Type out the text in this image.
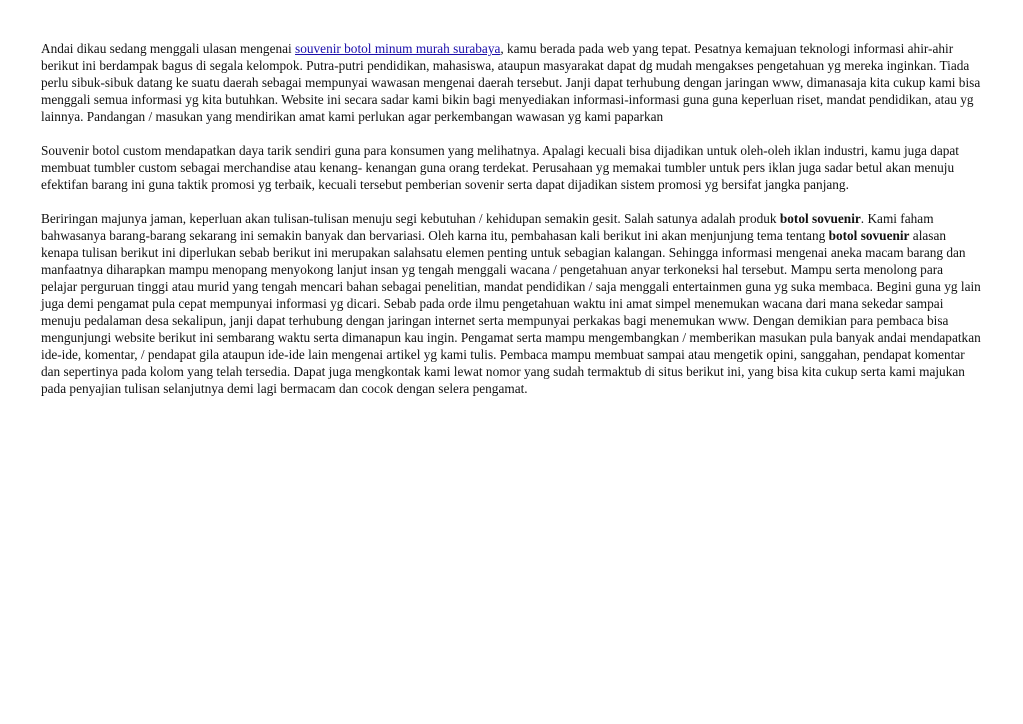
Andai dikau sedang menggali ulasan mengenai souvenir botol minum murah surabaya, kamu berada pada web yang tepat. Pesatnya kemajuan teknologi informasi ahir-ahir berikut ini berdampak bagus di segala kelompok. Putra-putri pendidikan, mahasiswa, ataupun masyarakat dapat dg mudah mengakses pengetahuan yg mereka inginkan. Tiada perlu sibuk-sibuk datang ke suatu daerah sebagai mempunyai wawasan mengenai daerah tersebut. Janji dapat terhubung dengan jaringan www, dimanasaja kita cukup kami bisa menggali semua informasi yg kita butuhkan. Website ini secara sadar kami bikin bagi menyediakan informasi-informasi guna guna keperluan riset, mandat pendidikan, atau yg lainnya. Pandangan / masukan yang mendirikan amat kami perlukan agar perkembangan wawasan yg kami paparkan

Souvenir botol custom mendapatkan daya tarik sendiri guna para konsumen yang melihatnya. Apalagi kecuali bisa dijadikan untuk oleh-oleh iklan industri, kamu juga dapat membuat tumbler custom sebagai merchandise atau kenang- kenangan guna orang terdekat. Perusahaan yg memakai tumbler untuk pers iklan juga sadar betul akan menuju efektifan barang ini guna taktik promosi yg terbaik, kecuali tersebut pemberian sovenir serta dapat dijadikan sistem promosi yg bersifat jangka panjang.

Beriringan majunya jaman, keperluan akan tulisan-tulisan menuju segi kebutuhan / kehidupan semakin gesit. Salah satunya adalah produk botol sovuenir. Kami faham bahwasanya barang-barang sekarang ini semakin banyak dan bervariasi. Oleh karna itu, pembahasan kali berikut ini akan menjunjung tema tentang botol sovuenir alasan kenapa tulisan berikut ini diperlukan sebab berikut ini merupakan salahsatu elemen penting untuk sebagian kalangan. Sehingga informasi mengenai aneka macam barang dan manfaatnya diharapkan mampu menopang menyokong lanjut insan yg tengah menggali wacana / pengetahuan anyar terkoneksi hal tersebut. Mampu serta menolong para pelajar perguruan tinggi atau murid yang tengah mencari bahan sebagai penelitian, mandat pendidikan / saja menggali entertainmen guna yg suka membaca. Begini guna yg lain juga demi pengamat pula cepat mempunyai informasi yg dicari. Sebab pada orde ilmu pengetahuan waktu ini amat simpel menemukan wacana dari mana sekedar sampai menuju pedalaman desa sekalipun, janji dapat terhubung dengan jaringan internet serta mempunyai perkakas bagi menemukan www. Dengan demikian para pembaca bisa mengunjungi website berikut ini sembarang waktu serta dimanapun kau ingin. Pengamat serta mampu mengembangkan / memberikan masukan pula banyak andai mendapatkan ide-ide, komentar, / pendapat gila ataupun ide-ide lain mengenai artikel yg kami tulis. Pembaca mampu membuat sampai atau mengetik opini, sanggahan, pendapat komentar dan sepertinya pada kolom yang telah tersedia. Dapat juga mengkontak kami lewat nomor yang sudah termaktub di situs berikut ini, yang bisa kita cukup serta kami majukan pada penyajian tulisan selanjutnya demi lagi bermacam dan cocok dengan selera pengamat.
